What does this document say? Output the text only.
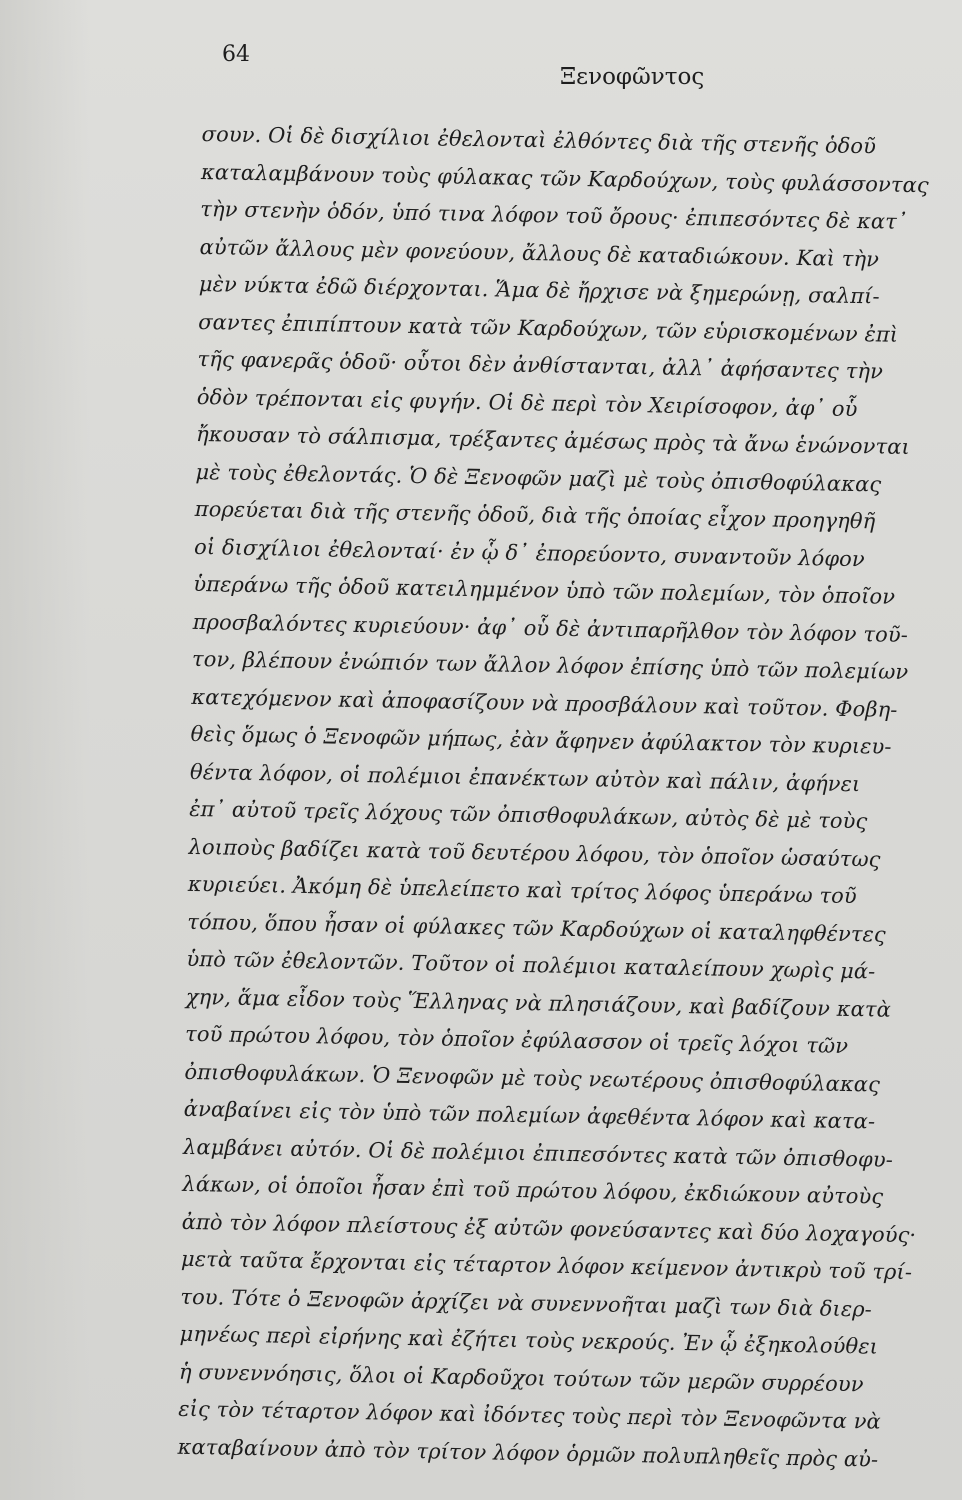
64
Ξενοφῶντος
σουν. Οἱ δὲ δισχίλιοι ἐθελονταὶ ἐλθόντες διὰ τῆς στενῆς ὁδοῦ
καταλαμβάνουν τοὺς φύλακας τῶν Καρδούχων, τοὺς φυλάσσοντας
τὴν στενὴν ὁδόν, ὑπό τινα λόφον τοῦ ὄρους· ἐπιπεσόντες δὲ κατ᾽
αὐτῶν ἄλλους μὲν φονεύουν, ἄλλους δὲ καταδιώκουν. Καὶ τὴν
μὲν νύκτα ἐδῶ διέρχονται. Ἅμα δὲ ἤρχισε νὰ ξημερώνῃ, σαλπί-
σαντες ἐπιπίπτουν κατὰ τῶν Καρδούχων, τῶν εὑρισκομένων ἐπὶ
τῆς φανερᾶς ὁδοῦ· οὗτοι δὲν ἀνθίστανται, ἀλλ᾽ ἀφήσαντες τὴν
ὁδὸν τρέπονται εἰς φυγήν. Οἱ δὲ περὶ τὸν Χειρίσοφον, ἀφ᾽ οὗ
ἤκουσαν τὸ σάλπισμα, τρέξαντες ἀμέσως πρὸς τὰ ἄνω ἑνώνονται
μὲ τοὺς ἐθελοντάς. Ὁ δὲ Ξενοφῶν μαζὶ μὲ τοὺς ὀπισθοφύλακας
πορεύεται διὰ τῆς στενῆς ὁδοῦ, διὰ τῆς ὁποίας εἶχον προηγηθῆ
οἱ δισχίλιοι ἐθελονταί· ἐν ᾧ δ᾽ ἐπορεύοντο, συναντοῦν λόφον
ὑπεράνω τῆς ὁδοῦ κατειλημμένον ὑπὸ τῶν πολεμίων, τὸν ὁποῖον
προσβαλόντες κυριεύουν· ἀφ᾽ οὗ δὲ ἀντιπαρῆλθον τὸν λόφον τοῦ-
τον, βλέπουν ἐνώπιόν των ἄλλον λόφον ἐπίσης ὑπὸ τῶν πολεμίων
κατεχόμενον καὶ ἀποφασίζουν νὰ προσβάλουν καὶ τοῦτον. Φοβη-
θεὶς ὅμως ὁ Ξενοφῶν μήπως, ἐὰν ἄφηνεν ἀφύλακτον τὸν κυριευ-
θέντα λόφον, οἱ πολέμιοι ἐπανέκτων αὐτὸν καὶ πάλιν, ἀφήνει
ἐπ᾽ αὐτοῦ τρεῖς λόχους τῶν ὀπισθοφυλάκων, αὐτὸς δὲ μὲ τοὺς
λοιποὺς βαδίζει κατὰ τοῦ δευτέρου λόφου, τὸν ὁποῖον ὡσαύτως
κυριεύει. Ἀκόμη δὲ ὑπελείπετο καὶ τρίτος λόφος ὑπεράνω τοῦ
τόπου, ὅπου ἦσαν οἱ φύλακες τῶν Καρδούχων οἱ καταληφθέντες
ὑπὸ τῶν ἐθελοντῶν. Τοῦτον οἱ πολέμιοι καταλείπουν χωρὶς μά-
χην, ἅμα εἶδον τοὺς Ἕλληνας νὰ πλησιάζουν, καὶ βαδίζουν κατὰ
τοῦ πρώτου λόφου, τὸν ὁποῖον ἐφύλασσον οἱ τρεῖς λόχοι τῶν
ὀπισθοφυλάκων. Ὁ Ξενοφῶν μὲ τοὺς νεωτέρους ὀπισθοφύλακας
ἀναβαίνει εἰς τὸν ὑπὸ τῶν πολεμίων ἀφεθέντα λόφον καὶ κατα-
λαμβάνει αὐτόν. Οἱ δὲ πολέμιοι ἐπιπεσόντες κατὰ τῶν ὀπισθοφυ-
λάκων, οἱ ὁποῖοι ἦσαν ἐπὶ τοῦ πρώτου λόφου, ἐκδιώκουν αὐτοὺς
ἀπὸ τὸν λόφον πλείστους ἐξ αὐτῶν φονεύσαντες καὶ δύο λοχαγούς·
μετὰ ταῦτα ἔρχονται εἰς τέταρτον λόφον κείμενον ἀντικρὺ τοῦ τρί-
του. Τότε ὁ Ξενοφῶν ἀρχίζει νὰ συνεννοῆται μαζὶ των διὰ διερ-
μηνέως περὶ εἰρήνης καὶ ἐζήτει τοὺς νεκρούς. Ἐν ᾧ ἐξηκολούθει
ἡ συνεννόησις, ὅλοι οἱ Καρδοῦχοι τούτων τῶν μερῶν συρρέουν
εἰς τὸν τέταρτον λόφον καὶ ἰδόντες τοὺς περὶ τὸν Ξενοφῶντα νὰ
καταβαίνουν ἀπὸ τὸν τρίτον λόφον ὁρμῶν πολυπληθεῖς πρὸς αὐ-
